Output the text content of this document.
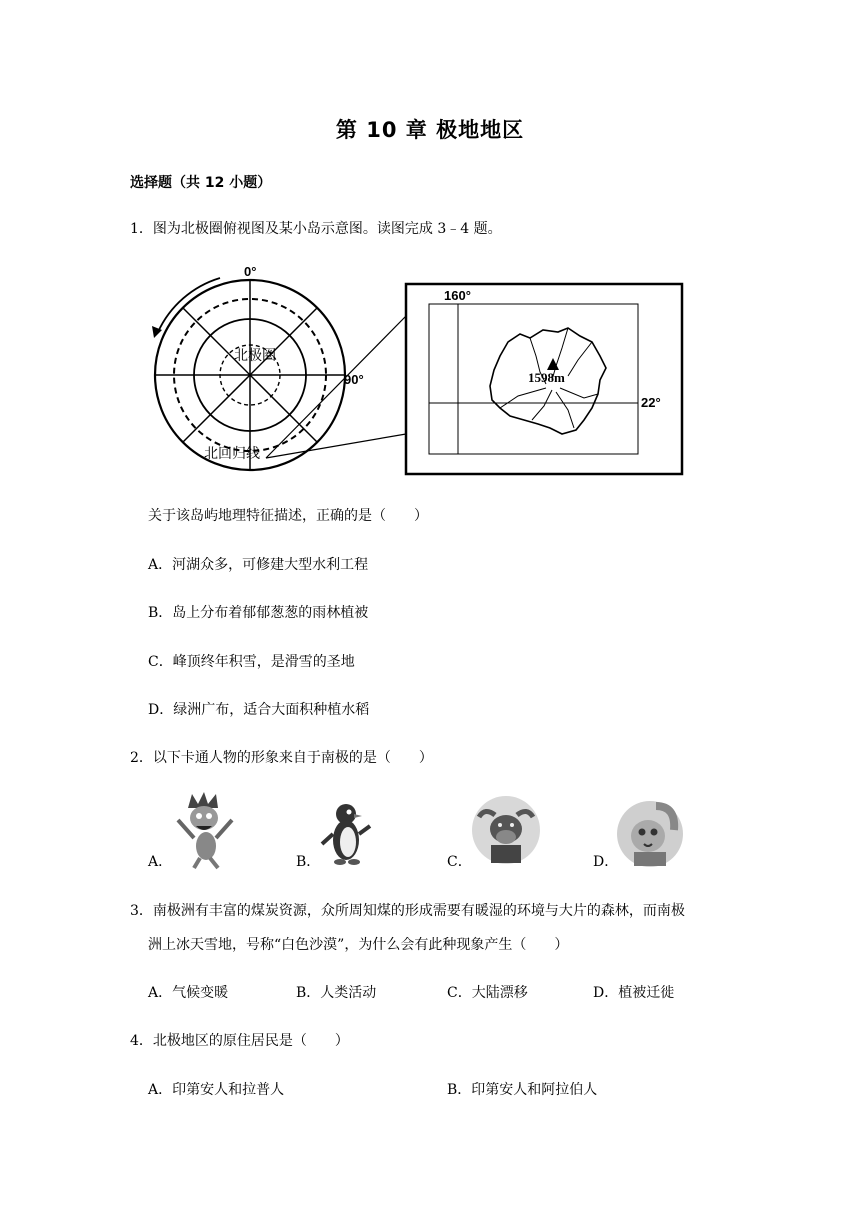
第 10 章 极地地区
选择题（共 12 小题）
1．图为北极圈俯视图及某小岛示意图。读图完成 3﹣4 题。
0°
90°
北极圈
北回归线
160°
22°
1598m
关于该岛屿地理特征描述，正确的是（　　）
A．河湖众多，可修建大型水利工程
B．岛上分布着郁郁葱葱的雨林植被
C．峰顶终年积雪，是滑雪的圣地
D．绿洲广布，适合大面积种植水稻
2．以下卡通人物的形象来自于南极的是（　　）
A．	B．	C．	D．
3．南极洲有丰富的煤炭资源，众所周知煤的形成需要有暖湿的环境与大片的森林，而南极
洲上冰天雪地，号称“白色沙漠”，为什么会有此种现象产生（　　）
A．气候变暖	B．人类活动	C．大陆漂移	D．植被迁徙
4．北极地区的原住居民是（　　）
A．印第安人和拉普人	B．印第安人和阿拉伯人
